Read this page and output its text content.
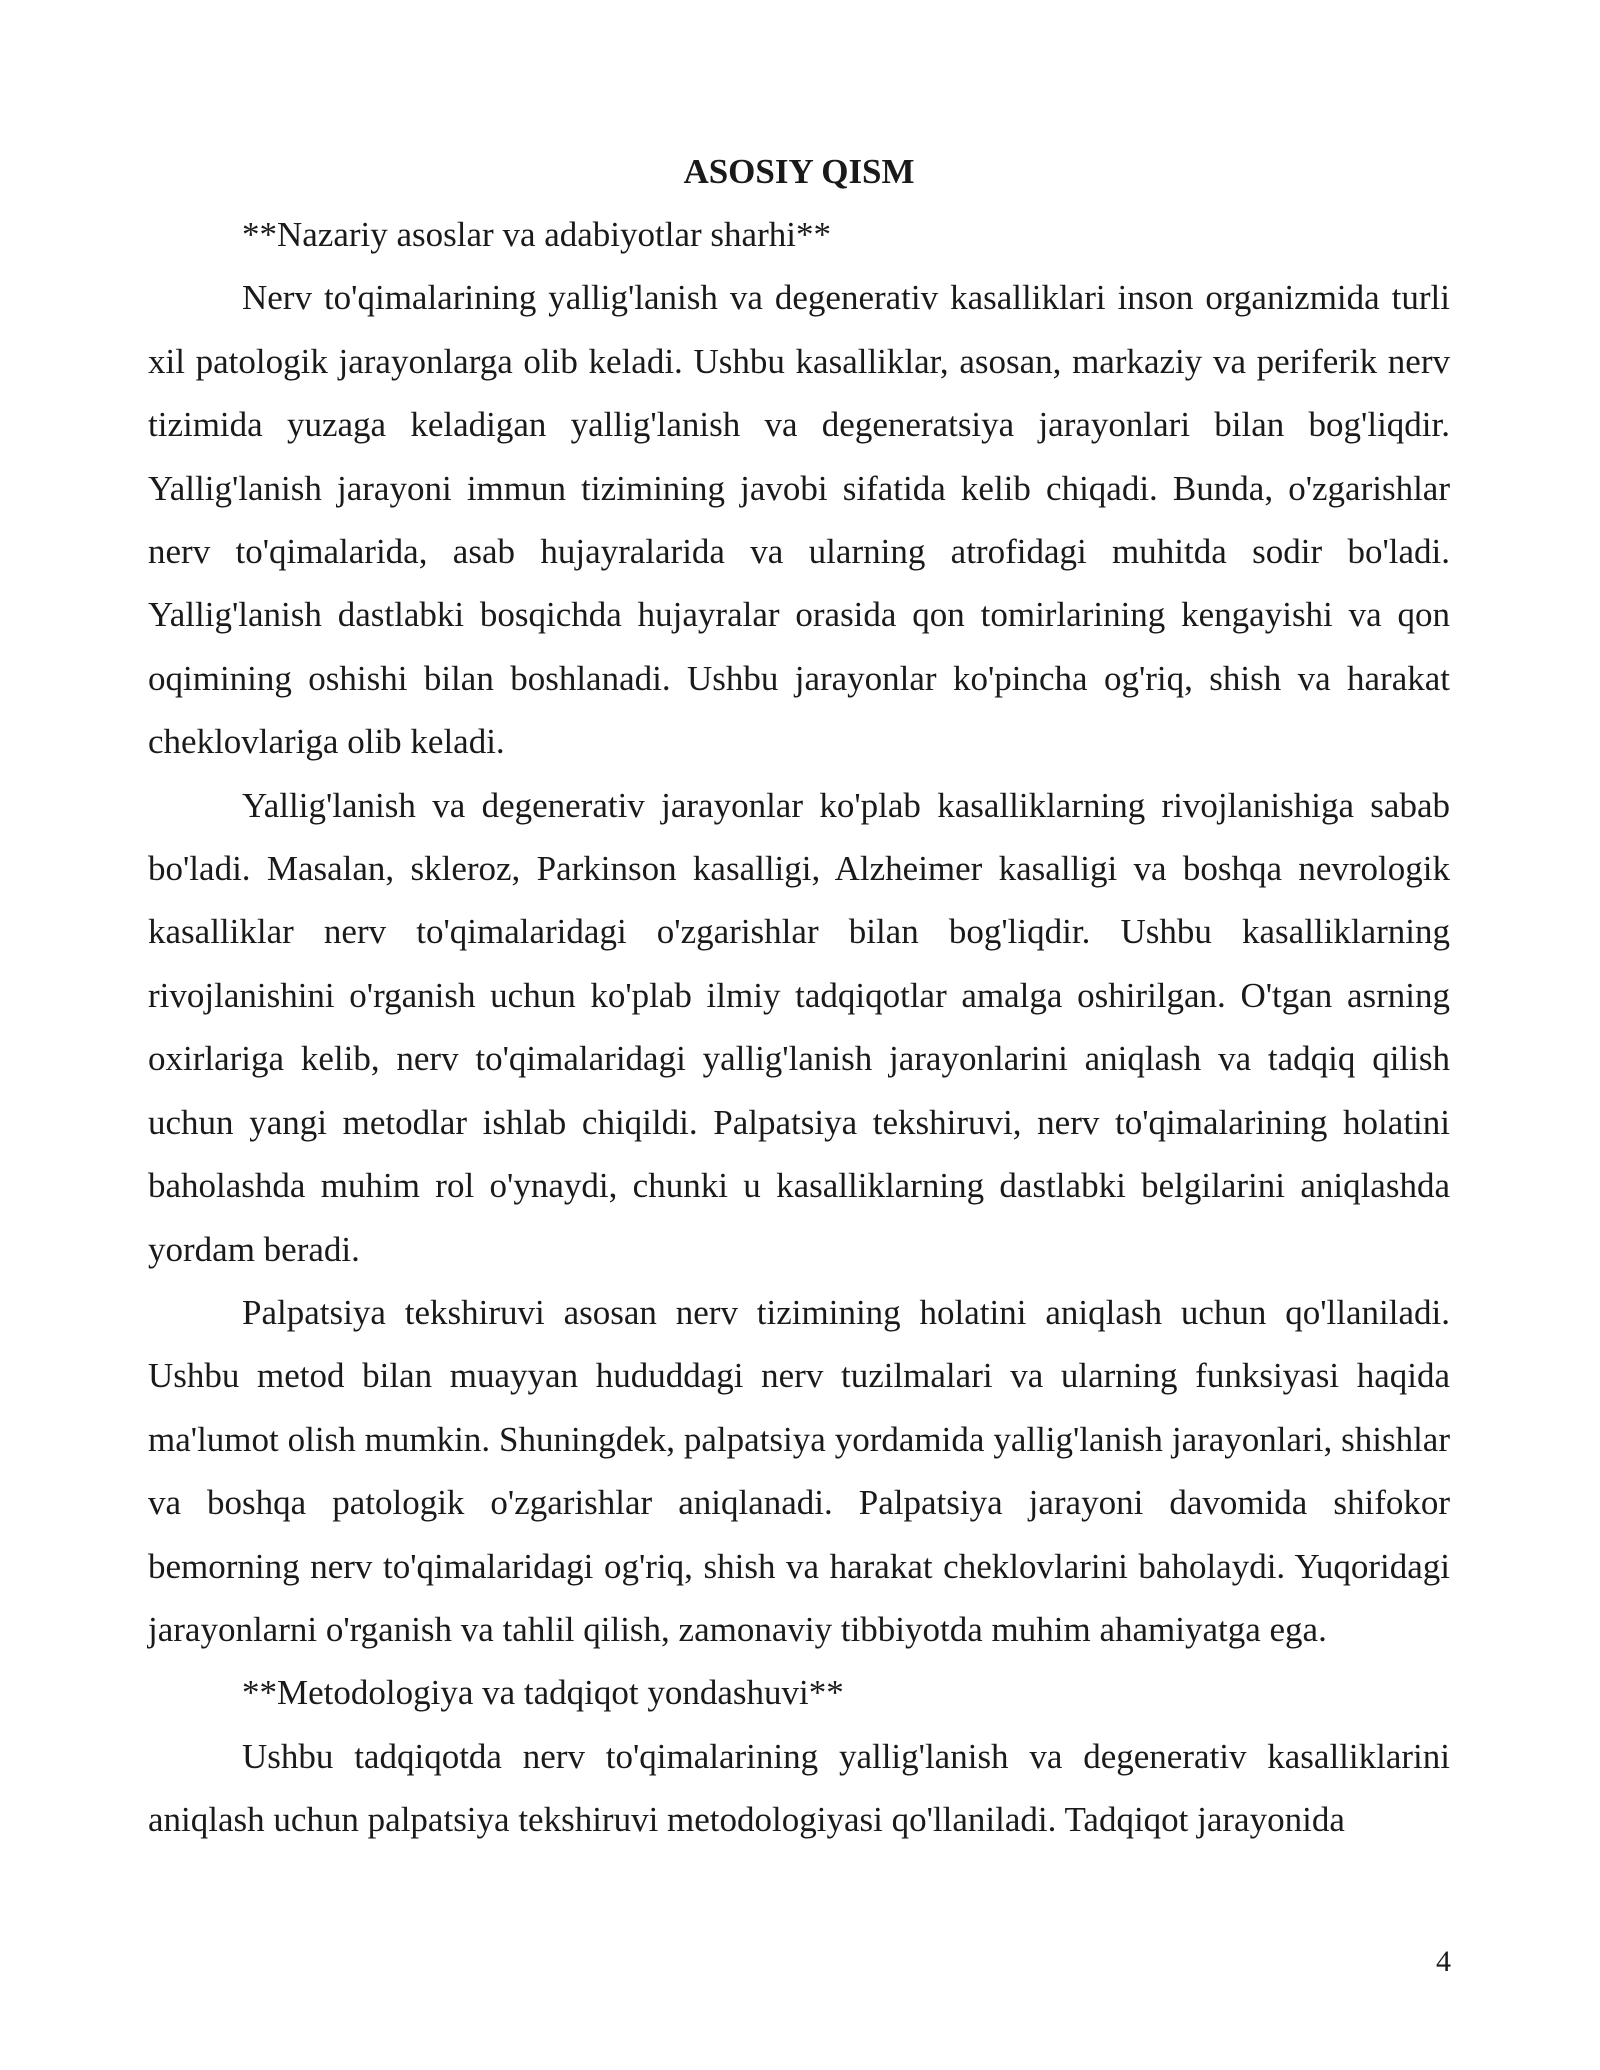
ASOSIY QISM

**Nazariy asoslar va adabiyotlar sharhi**

Nerv to'qimalarining yallig'lanish va degenerativ kasalliklari inson organizmida turli xil patologik jarayonlarga olib keladi. Ushbu kasalliklar, asosan, markaziy va periferik nerv tizimida yuzaga keladigan yallig'lanish va degeneratsiya jarayonlari bilan bog'liqdir. Yallig'lanish jarayoni immun tizimining javobi sifatida kelib chiqadi. Bunda, o'zgarishlar nerv to'qimalarida, asab hujayralarida va ularning atrofidagi muhitda sodir bo'ladi. Yallig'lanish dastlabki bosqichda hujayralar orasida qon tomirlarining kengayishi va qon oqimining oshishi bilan boshlanadi. Ushbu jarayonlar ko'pincha og'riq, shish va harakat cheklovlariga olib keladi.

Yallig'lanish va degenerativ jarayonlar ko'plab kasalliklarning rivojlanishiga sabab bo'ladi. Masalan, skleroz, Parkinson kasalligi, Alzheimer kasalligi va boshqa nevrologik kasalliklar nerv to'qimalaridagi o'zgarishlar bilan bog'liqdir. Ushbu kasalliklarning rivojlanishini o'rganish uchun ko'plab ilmiy tadqiqotlar amalga oshirilgan. O'tgan asrning oxirlariga kelib, nerv to'qimalaridagi yallig'lanish jarayonlarini aniqlash va tadqiq qilish uchun yangi metodlar ishlab chiqildi. Palpatsiya tekshiruvi, nerv to'qimalarining holatini baholashda muhim rol o'ynaydi, chunki u kasalliklarning dastlabki belgilarini aniqlashda yordam beradi.

Palpatsiya tekshiruvi asosan nerv tizimining holatini aniqlash uchun qo'llaniladi. Ushbu metod bilan muayyan hududdagi nerv tuzilmalari va ularning funksiyasi haqida ma'lumot olish mumkin. Shuningdek, palpatsiya yordamida yallig'lanish jarayonlari, shishlar va boshqa patologik o'zgarishlar aniqlanadi. Palpatsiya jarayoni davomida shifokor bemorning nerv to'qimalaridagi og'riq, shish va harakat cheklovlarini baholaydi. Yuqoridagi jarayonlarni o'rganish va tahlil qilish, zamonaviy tibbiyotda muhim ahamiyatga ega.

**Metodologiya va tadqiqot yondashuvi**

Ushbu tadqiqotda nerv to'qimalarining yallig'lanish va degenerativ kasalliklarini aniqlash uchun palpatsiya tekshiruvi metodologiyasi qo'llaniladi. Tadqiqot jarayonida

4
